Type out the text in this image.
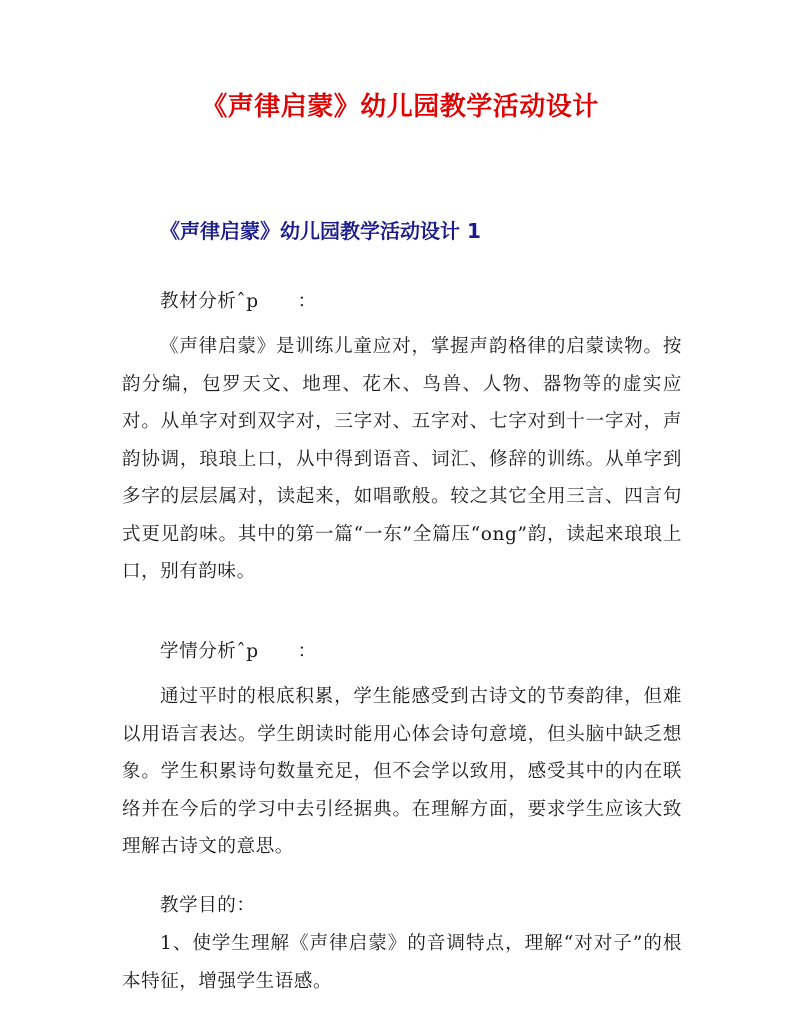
《声律启蒙》幼儿园教学活动设计
《声律启蒙》幼儿园教学活动设计 1

教材分析ˆp      ：

《声律启蒙》是训练儿童应对，掌握声韵格律的启蒙读物。按韵分编，包罗天文、地理、花木、鸟兽、人物、器物等的虚实应对。从单字对到双字对，三字对、五字对、七字对到十一字对，声韵协调，琅琅上口，从中得到语音、词汇、修辞的训练。从单字到多字的层层属对，读起来，如唱歌般。较之其它全用三言、四言句式更见韵味。其中的第一篇“一东”全篇压“ong”韵，读起来琅琅上口，别有韵味。

学情分析ˆp      ：

通过平时的根底积累，学生能感受到古诗文的节奏韵律，但难以用语言表达。学生朗读时能用心体会诗句意境，但头脑中缺乏想象。学生积累诗句数量充足，但不会学以致用，感受其中的内在联络并在今后的学习中去引经据典。在理解方面，要求学生应该大致理解古诗文的意思。

教学目的：

1、使学生理解《声律启蒙》的音调特点，理解“对对子”的根本特征，增强学生语感。
